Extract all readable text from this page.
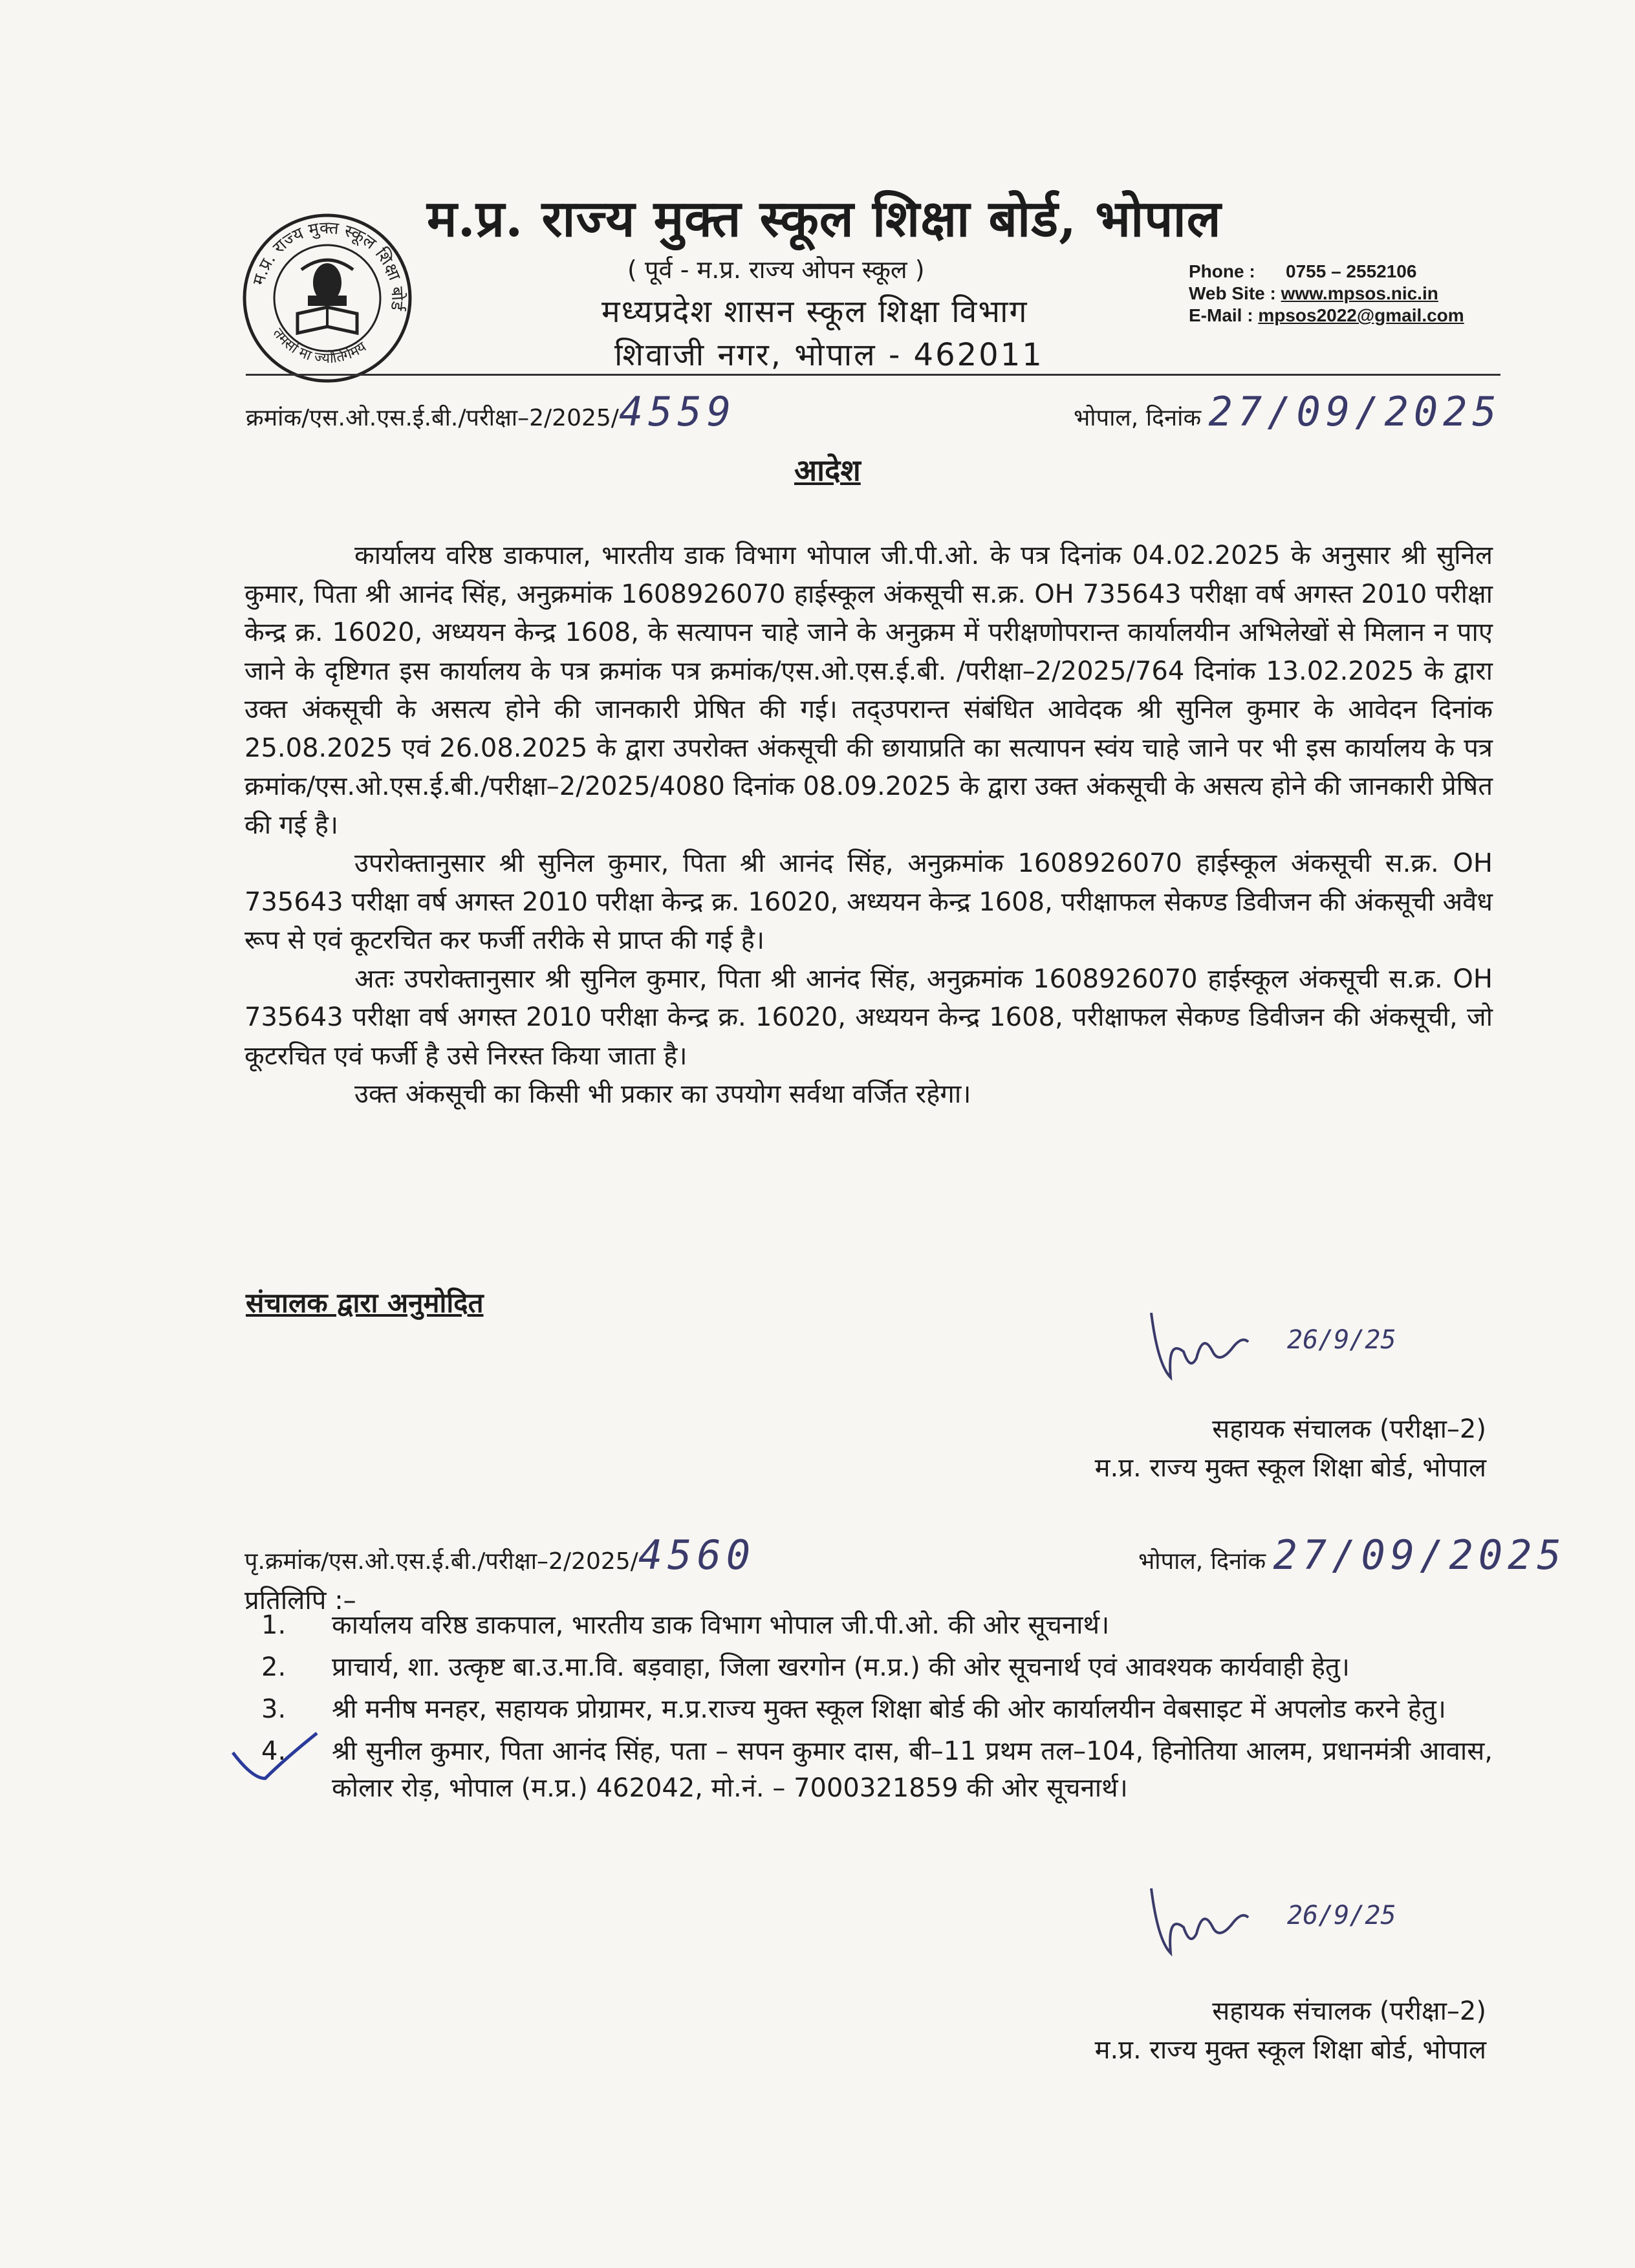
म.प्र. राज्य मुक्त स्कूल शिक्षा बोर्ड
तमसो मा ज्योतिर्गमय
म.प्र. राज्य मुक्त स्कूल शिक्षा बोर्ड, भोपाल
( पूर्व - म.प्र. राज्य ओपन स्कूल )
मध्यप्रदेश शासन स्कूल शिक्षा विभाग
शिवाजी नगर, भोपाल - 462011
Phone : 0755 – 2552106
Web Site : www.mpsos.nic.in
E-Mail : mpsos2022@gmail.com
क्रमांक/एस.ओ.एस.ई.बी./परीक्षा–2/2025/4559	भोपाल, दिनांक 27/09/2025
आदेश

कार्यालय वरिष्ठ डाकपाल, भारतीय डाक विभाग भोपाल जी.पी.ओ. के पत्र दिनांक 04.02.2025 के अनुसार श्री सुनिल कुमार, पिता श्री आनंद सिंह, अनुक्रमांक 1608926070 हाईस्कूल अंकसूची स.क्र. OH 735643 परीक्षा वर्ष अगस्त 2010 परीक्षा केन्द्र क्र. 16020, अध्ययन केन्द्र 1608, के सत्यापन चाहे जाने के अनुक्रम में परीक्षणोपरान्त कार्यालयीन अभिलेखों से मिलान न पाए जाने के दृष्टिगत इस कार्यालय के पत्र क्रमांक पत्र क्रमांक/एस.ओ.एस.ई.बी. /परीक्षा–2/2025/764 दिनांक 13.02.2025 के द्वारा उक्त अंकसूची के असत्य होने की जानकारी प्रेषित की गई। तद्उपरान्त संबंधित आवेदक श्री सुनिल कुमार के आवेदन दिनांक 25.08.2025 एवं 26.08.2025 के द्वारा उपरोक्त अंकसूची की छायाप्रति का सत्यापन स्वंय चाहे जाने पर भी इस कार्यालय के पत्र क्रमांक/एस.ओ.एस.ई.बी./परीक्षा–2/2025/4080 दिनांक 08.09.2025 के द्वारा उक्त अंकसूची के असत्य होने की जानकारी प्रेषित की गई है।

उपरोक्तानुसार श्री सुनिल कुमार, पिता श्री आनंद सिंह, अनुक्रमांक 1608926070 हाईस्कूल अंकसूची स.क्र. OH 735643 परीक्षा वर्ष अगस्त 2010 परीक्षा केन्द्र क्र. 16020, अध्ययन केन्द्र 1608, परीक्षाफल सेकण्ड डिवीजन की अंकसूची अवैध रूप से एवं कूटरचित कर फर्जी तरीके से प्राप्त की गई है।

अतः उपरोक्तानुसार श्री सुनिल कुमार, पिता श्री आनंद सिंह, अनुक्रमांक 1608926070 हाईस्कूल अंकसूची स.क्र. OH 735643 परीक्षा वर्ष अगस्त 2010 परीक्षा केन्द्र क्र. 16020, अध्ययन केन्द्र 1608, परीक्षाफल सेकण्ड डिवीजन की अंकसूची, जो कूटरचित एवं फर्जी है उसे निरस्त किया जाता है।

उक्त अंकसूची का किसी भी प्रकार का उपयोग सर्वथा वर्जित रहेगा।

संचालक द्वारा अनुमोदित
26/9/25
सहायक संचालक (परीक्षा–2)
म.प्र. राज्य मुक्त स्कूल शिक्षा बोर्ड, भोपाल
पृ.क्रमांक/एस.ओ.एस.ई.बी./परीक्षा–2/2025/4560	भोपाल, दिनांक 27/09/2025
प्रतिलिपि :–
1.	कार्यालय वरिष्ठ डाकपाल, भारतीय डाक विभाग भोपाल जी.पी.ओ. की ओर सूचनार्थ।
2.	प्राचार्य, शा. उत्कृष्ट बा.उ.मा.वि. बड़वाहा, जिला खरगोन (म.प्र.) की ओर सूचनार्थ एवं आवश्यक कार्यवाही हेतु।
3.	श्री मनीष मनहर, सहायक प्रोग्रामर, म.प्र.राज्य मुक्त स्कूल शिक्षा बोर्ड की ओर कार्यालयीन वेबसाइट में अपलोड करने हेतु।
4.	श्री सुनील कुमार, पिता आनंद सिंह, पता – सपन कुमार दास, बी–11 प्रथम तल–104, हिनोतिया आलम, प्रधानमंत्री आवास, कोलार रोड़, भोपाल (म.प्र.) 462042, मो.नं. – 7000321859 की ओर सूचनार्थ।
26/9/25
सहायक संचालक (परीक्षा–2)
म.प्र. राज्य मुक्त स्कूल शिक्षा बोर्ड, भोपाल
